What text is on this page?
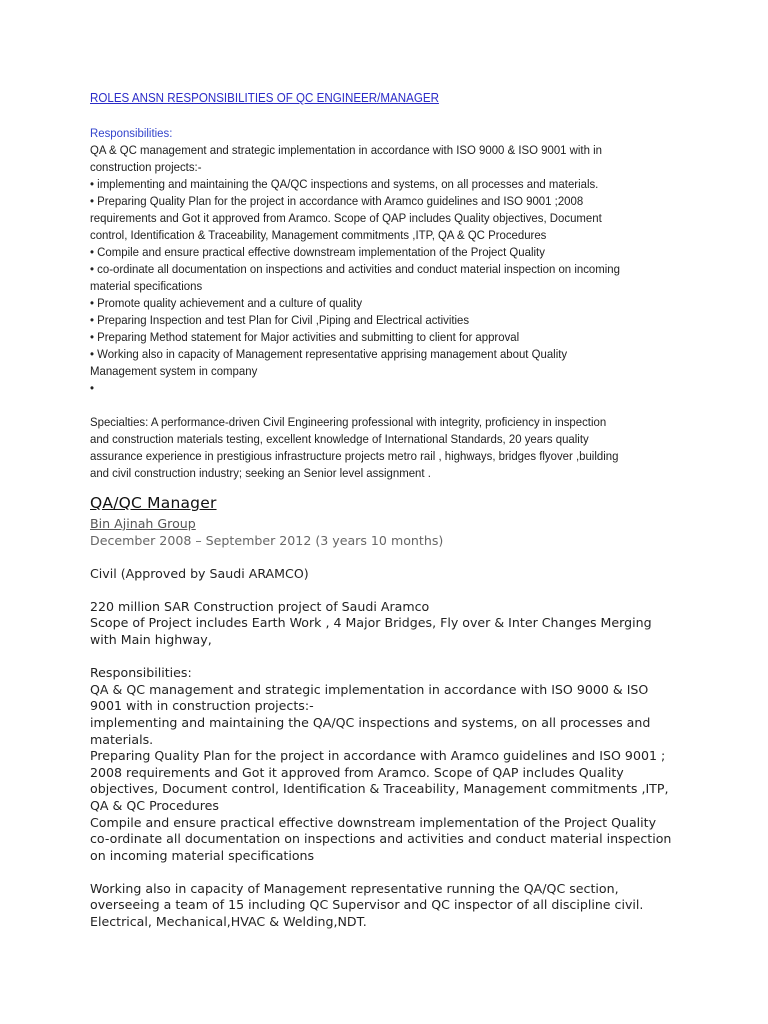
ROLES ANSN RESPONSIBILITIES OF QC ENGINEER/MANAGER
Responsibilities:
QA & QC management and strategic implementation in accordance with ISO 9000 & ISO 9001 with in
construction projects:-
• implementing and maintaining the QA/QC inspections and systems, on all processes and materials.
• Preparing Quality Plan for the project in accordance with Aramco guidelines and ISO 9001 ;2008
requirements and Got it approved from Aramco. Scope of QAP includes Quality objectives, Document
control, Identification & Traceability, Management commitments ,ITP, QA & QC Procedures
• Compile and ensure practical effective downstream implementation of the Project Quality
• co-ordinate all documentation on inspections and activities and conduct material inspection on incoming
material specifications
• Promote quality achievement and a culture of quality
• Preparing Inspection and test Plan for Civil ,Piping and Electrical activities
• Preparing Method statement for Major activities and submitting to client for approval
• Working also in capacity of Management representative apprising management about Quality
Management system in company
•
Specialties: A performance-driven Civil Engineering professional with integrity, proficiency in inspection
and construction materials testing, excellent knowledge of International Standards, 20 years quality
assurance experience in prestigious infrastructure projects metro rail , highways, bridges flyover ,building
and civil construction industry; seeking an Senior level assignment .
QA/QC Manager
Bin Ajinah Group
December 2008 – September 2012 (3 years 10 months)
Civil (Approved by Saudi ARAMCO)
220 million SAR Construction project of Saudi Aramco
Scope of Project includes Earth Work , 4 Major Bridges, Fly over & Inter Changes Merging
with Main highway,
Responsibilities:
QA & QC management and strategic implementation in accordance with ISO 9000 & ISO
9001 with in construction projects:-
implementing and maintaining the QA/QC inspections and systems, on all processes and
materials.
Preparing Quality Plan for the project in accordance with Aramco guidelines and ISO 9001 ;
2008 requirements and Got it approved from Aramco. Scope of QAP includes Quality
objectives, Document control, Identification & Traceability, Management commitments ,ITP,
QA & QC Procedures
Compile and ensure practical effective downstream implementation of the Project Quality
co-ordinate all documentation on inspections and activities and conduct material inspection
on incoming material specifications
Working also in capacity of Management representative running the QA/QC section,
overseeing a team of 15 including QC Supervisor and QC inspector of all discipline civil.
Electrical, Mechanical,HVAC & Welding,NDT.
